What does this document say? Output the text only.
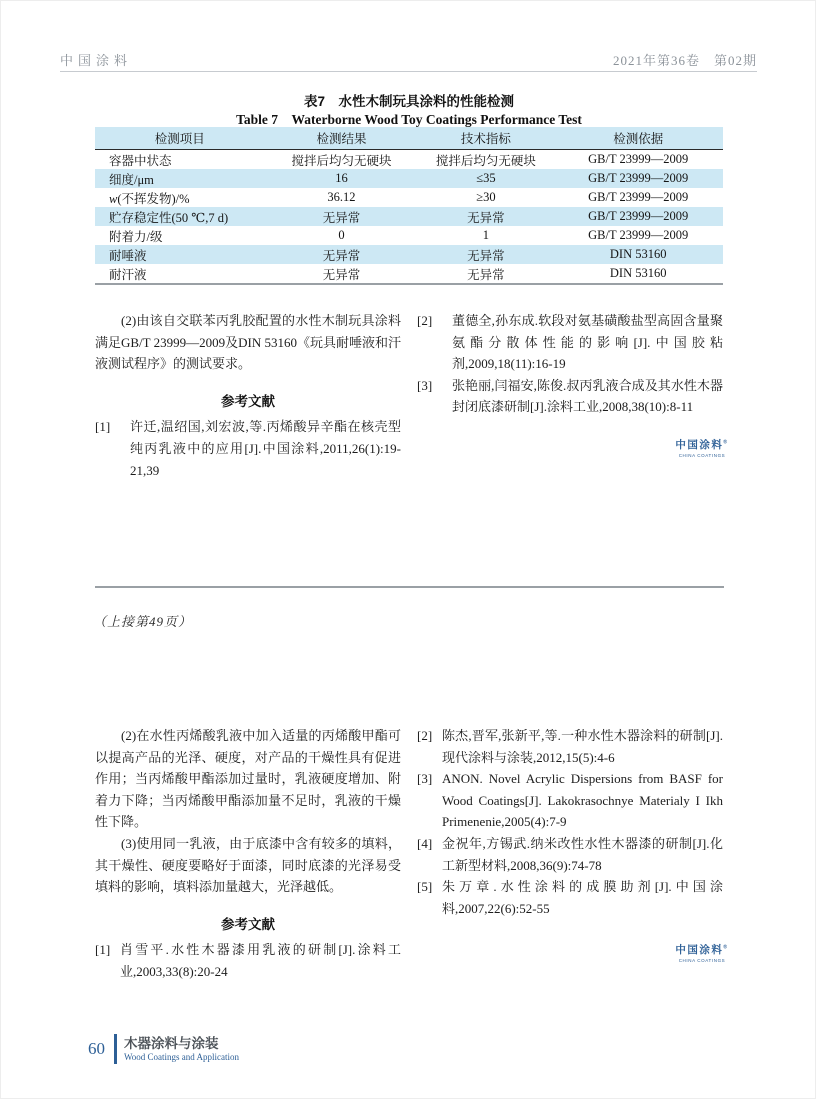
中国涂料	2021年第36卷　第02期
表7　水性木制玩具涂料的性能检测
Table 7　Waterborne Wood Toy Coatings Performance Test
检测项目	检测结果	技术指标	检测依据
容器中状态	搅拌后均匀无硬块	搅拌后均匀无硬块	GB/T 23999—2009
细度/μm	16	≤35	GB/T 23999—2009
w(不挥发物)/%	36.12	≥30	GB/T 23999—2009
贮存稳定性(50 ℃,7 d)	无异常	无异常	GB/T 23999—2009
附着力/级	0	1	GB/T 23999—2009
耐唾液	无异常	无异常	DIN 53160
耐汗液	无异常	无异常	DIN 53160

(2)由该自交联苯丙乳胶配置的水性木制玩具涂料满足GB/T 23999—2009及DIN 53160《玩具耐唾液和汗液测试程序》的测试要求。

参考文献
[1] 许迁,温绍国,刘宏波,等.丙烯酸异辛酯在核壳型纯丙乳液中的应用[J].中国涂料,2011,26(1):19-21,39
[2] 董德全,孙东成.软段对氨基磺酸盐型高固含量聚氨酯分散体性能的影响[J].中国胶粘剂,2009,18(11):16-19
[3] 张艳丽,闫福安,陈俊.叔丙乳液合成及其水性木器封闭底漆研制[J].涂料工业,2008,38(10):8-11
中国涂料®
CHINA COATINGS
（上接第49页）

(2)在水性丙烯酸乳液中加入适量的丙烯酸甲酯可以提高产品的光泽、硬度，对产品的干燥性具有促进作用；当丙烯酸甲酯添加过量时，乳液硬度增加、附着力下降；当丙烯酸甲酯添加量不足时，乳液的干燥性下降。

(3)使用同一乳液，由于底漆中含有较多的填料，其干燥性、硬度要略好于面漆，同时底漆的光泽易受填料的影响，填料添加量越大，光泽越低。

参考文献
[1] 肖雪平.水性木器漆用乳液的研制[J].涂料工业,2003,33(8):20-24
[2] 陈杰,晋军,张新平,等.一种水性木器涂料的研制[J].现代涂料与涂装,2012,15(5):4-6
[3] ANON. Novel Acrylic Dispersions from BASF for Wood Coatings[J]. Lakokrasochnye Materialy I Ikh Primenenie,2005(4):7-9
[4] 金祝年,方锡武.纳米改性水性木器漆的研制[J].化工新型材料,2008,36(9):74-78
[5] 朱万章.水性涂料的成膜助剂[J].中国涂料,2007,22(6):52-55
中国涂料®
CHINA COATINGS
60 木器涂料与涂装
Wood Coatings and Application
